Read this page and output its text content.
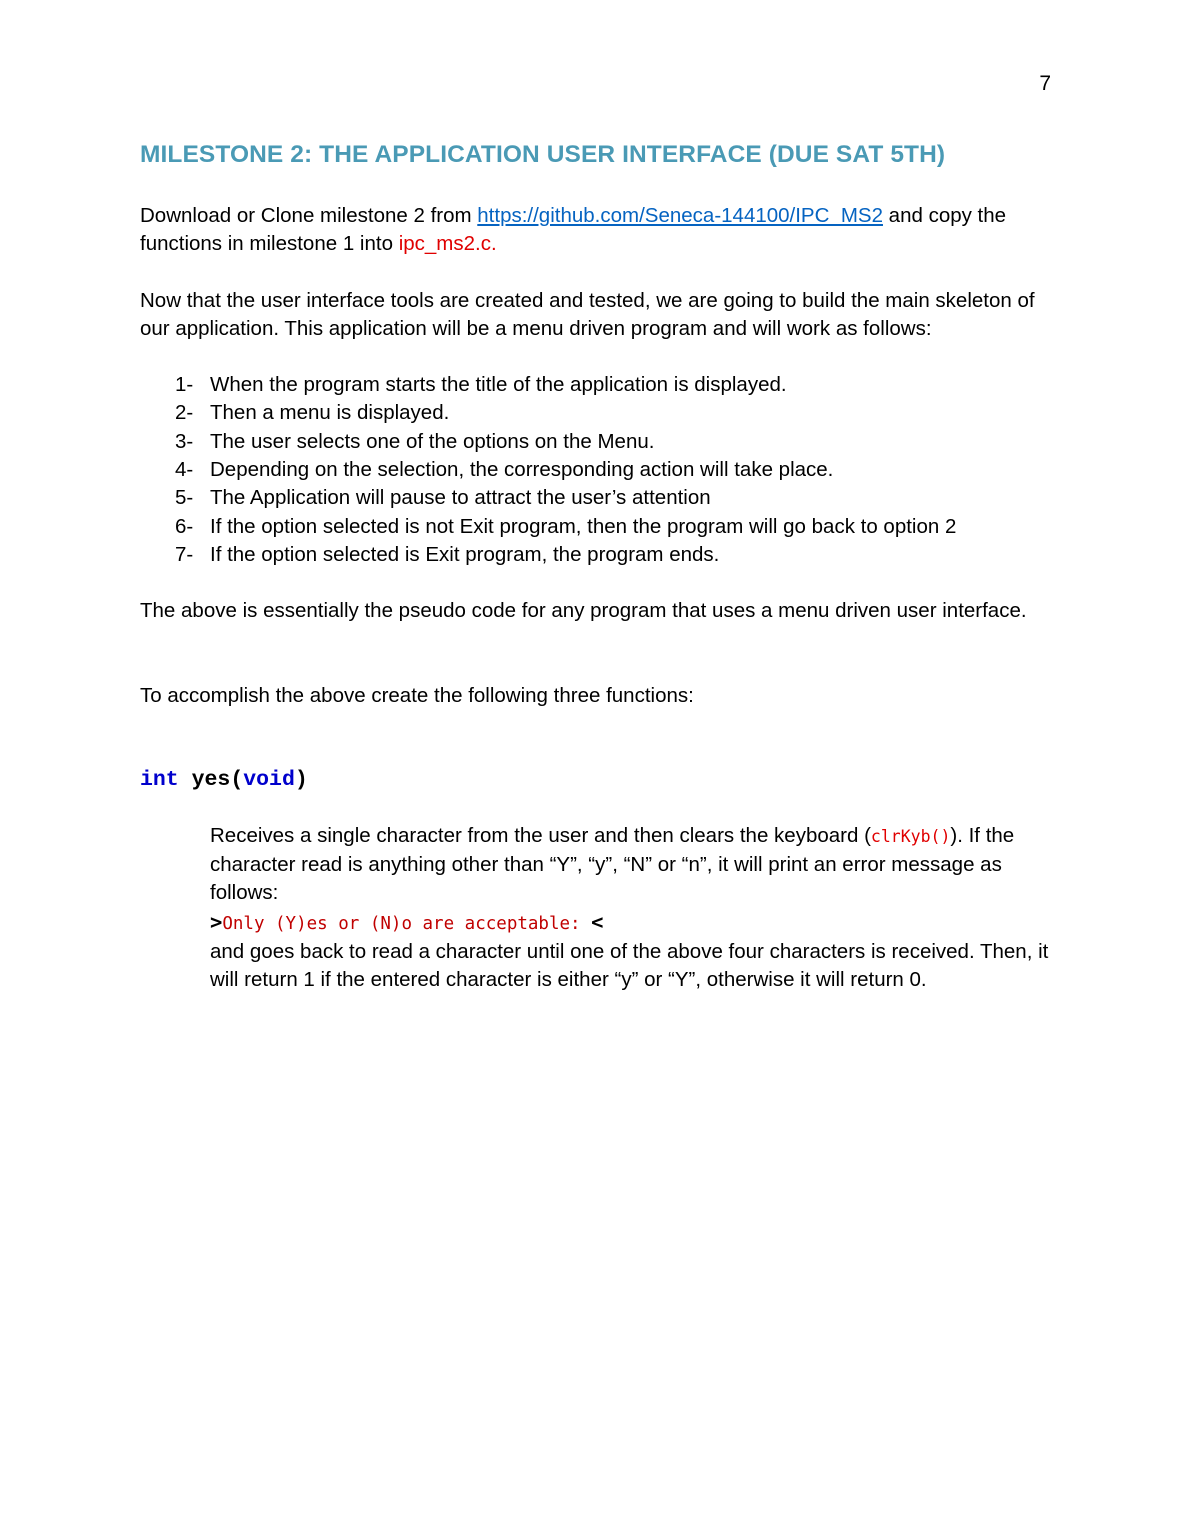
7
MILESTONE 2: THE APPLICATION USER INTERFACE (DUE SAT 5TH)

Download or Clone milestone 2 from https://github.com/Seneca-144100/IPC_MS2 and copy the functions in milestone 1 into ipc_ms2.c.

Now that the user interface tools are created and tested, we are going to build the main skeleton of our application. This application will be a menu driven program and will work as follows:

1- When the program starts the title of the application is displayed.
2- Then a menu is displayed.
3- The user selects one of the options on the Menu.
4- Depending on the selection, the corresponding action will take place.
5- The Application will pause to attract the user’s attention
6- If the option selected is not Exit program, then the program will go back to option 2
7- If the option selected is Exit program, the program ends.

The above is essentially the pseudo code for any program that uses a menu driven user interface.

To accomplish the above create the following three functions:

int yes(void)
Receives a single character from the user and then clears the keyboard (clrKyb()). If the character read is anything other than “Y”, “y”, “N” or “n”, it will print an error message as follows:
>Only (Y)es or (N)o are acceptable: <
and goes back to read a character until one of the above four characters is received. Then, it will return 1 if the entered character is either “y” or “Y”, otherwise it will return 0.
